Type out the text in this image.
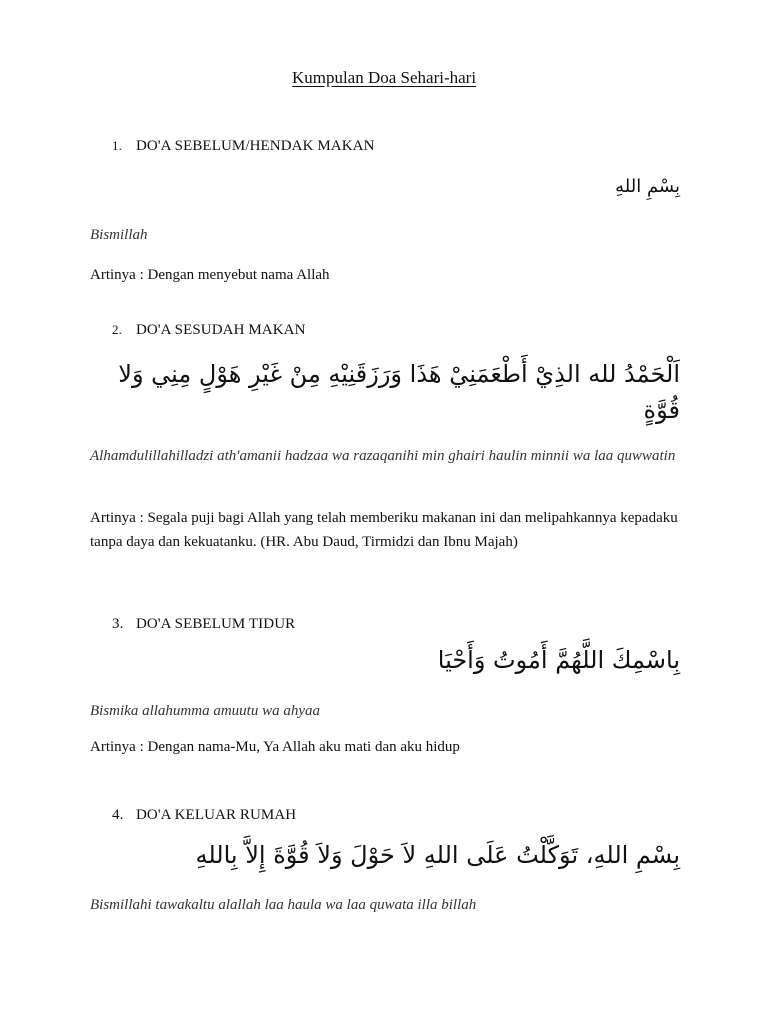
Kumpulan Doa Sehari-hari
1. DO'A SEBELUM/HENDAK MAKAN
بِسْمِ اللهِ
Bismillah
Artinya : Dengan menyebut nama Allah
2. DO'A SESUDAH MAKAN
اَلْحَمْدُ لله الذِيْ أَطْعَمَنِيْ هَذَا وَرَزَقَنِيْهِ مِنْ غَيْرِ هَوْلٍ مِنِي وَلا قُوَّةٍ
Alhamdulillahilladzi ath'amanii hadzaa wa razaqanihi min ghairi haulin minnii wa laa quwwatin
Artinya : Segala puji bagi Allah yang telah memberiku makanan ini dan melipahkannya kepadaku tanpa daya dan kekuatanku. (HR. Abu Daud, Tirmidzi dan Ibnu Majah)
3. DO'A SEBELUM TIDUR
بِاسْمِكَ اللَّهُمَّ أَمُوتُ وَأَحْيَا
Bismika allahumma amuutu wa ahyaa
Artinya : Dengan nama-Mu, Ya Allah aku mati dan aku hidup
4. DO'A KELUAR RUMAH
بِسْمِ اللهِ، تَوَكَّلْتُ عَلَى اللهِ لاَ حَوْلَ وَلاَ قُوَّةَ إِلاَّ بِاللهِ
Bismillahi tawakaltu alallah laa haula wa laa quwata illa billah
